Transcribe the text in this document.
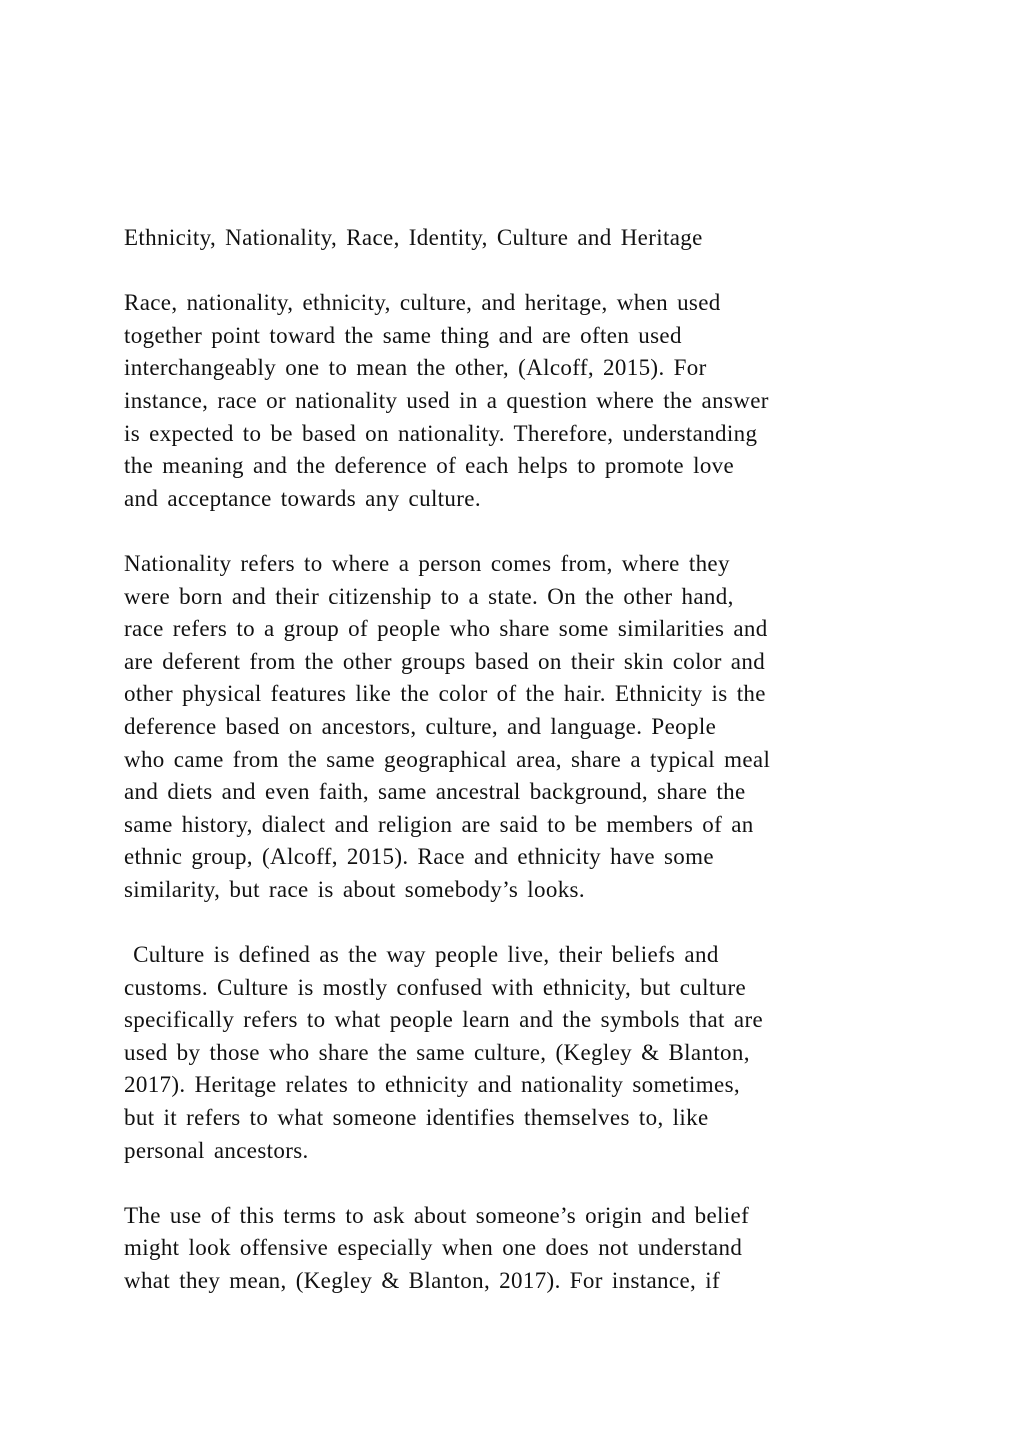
Ethnicity, Nationality, Race, Identity, Culture and Heritage
Race, nationality, ethnicity, culture, and heritage, when used
together point toward the same thing and are often used
interchangeably one to mean the other, (Alcoff, 2015). For
instance, race or nationality used in a question where the answer
is expected to be based on nationality. Therefore, understanding
the meaning and the deference of each helps to promote love
and acceptance towards any culture.
Nationality refers to where a person comes from, where they
were born and their citizenship to a state. On the other hand,
race refers to a group of people who share some similarities and
are deferent from the other groups based on their skin color and
other physical features like the color of the hair. Ethnicity is the
deference based on ancestors, culture, and language. People
who came from the same geographical area, share a typical meal
and diets and even faith, same ancestral background, share the
same history, dialect and religion are said to be members of an
ethnic group, (Alcoff, 2015). Race and ethnicity have some
similarity, but race is about somebody’s looks.
Culture is defined as the way people live, their beliefs and
customs. Culture is mostly confused with ethnicity, but culture
specifically refers to what people learn and the symbols that are
used by those who share the same culture, (Kegley & Blanton,
2017). Heritage relates to ethnicity and nationality sometimes,
but it refers to what someone identifies themselves to, like
personal ancestors.
The use of this terms to ask about someone’s origin and belief
might look offensive especially when one does not understand
what they mean, (Kegley & Blanton, 2017). For instance, if
